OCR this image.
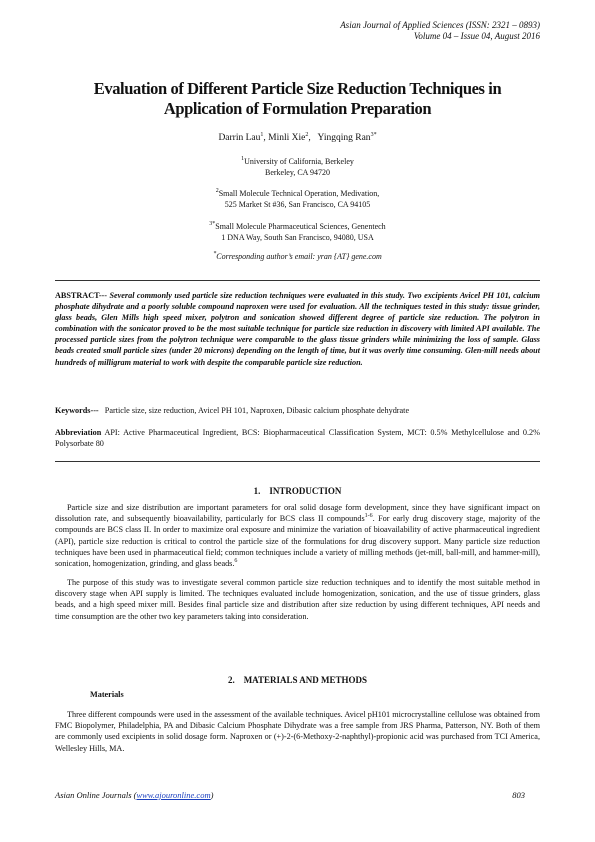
Asian Journal of Applied Sciences (ISSN: 2321 – 0893)
Volume 04 – Issue 04, August 2016
Evaluation of Different Particle Size Reduction Techniques in
Application of Formulation Preparation
Darrin Lau$^1$, Minli Xie$^2$,   Yingqing Ran$^{3*}$
$^1$University of California, Berkeley
Berkeley, CA 94720
$^2$Small Molecule Technical Operation, Medivation,
525 Market St #36, San Francisco, CA 94105
$^{3*}$Small Molecule Pharmaceutical Sciences, Genentech
1 DNA Way, South San Francisco, 94080, USA
*Corresponding author’s email: yran {AT} gene.com
ABSTRACT--- Several commonly used particle size reduction techniques were evaluated in this study. Two excipients Avicel PH 101, calcium phosphate dihydrate and a poorly soluble compound naproxen were used for evaluation. All the techniques tested in this study: tissue grinder, glass beads, Glen Mills high speed mixer, polytron and sonication showed different degree of particle size reduction. The polytron in combination with the sonicator proved to be the most suitable technique for particle size reduction in discovery with limited API available. The processed particle sizes from the polytron technique were comparable to the glass tissue grinders while minimizing the loss of sample. Glass beads created small particle sizes (under 20 microns) depending on the length of time, but it was overly time consuming. Glen-mill needs about hundreds of milligram material to work with despite the comparable particle size reduction.
Keywords--- Particle size, size reduction, Avicel PH 101, Naproxen, Dibasic calcium phosphate dehydrate
Abbreviation API: Active Pharmaceutical Ingredient, BCS: Biopharmaceutical Classification System, MCT: 0.5% Methylcellulose and 0.2% Polysorbate 80
1.    INTRODUCTION
Particle size and size distribution are important parameters for oral solid dosage form development, since they have significant impact on dissolution rate, and subsequently bioavailability, particularly for BCS class II compounds$^{1-6}$. For early drug discovery stage, majority of the compounds are BCS class II. In order to maximize oral exposure and minimize the variation of bioavailability of active pharmaceutical ingredient (API), particle size reduction is critical to control the particle size of the formulations for drug discovery support. Many particle size reduction techniques have been used in pharmaceutical field; common techniques include a variety of milling methods (jet-mill, ball-mill, and hammer-mill), sonication, homogenization, grinding, and glass beads.$^6$
The purpose of this study was to investigate several common particle size reduction techniques and to identify the most suitable method in discovery stage when API supply is limited. The techniques evaluated include homogenization, sonication, and the use of tissue grinders, glass beads, and a high speed mixer mill. Besides final particle size and distribution after size reduction by using different techniques, API needs and time consumption are the other two key parameters taking into consideration.
2.    MATERIALS AND METHODS
Materials
Three different compounds were used in the assessment of the available techniques. Avicel pH101 microcrystalline cellulose was obtained from FMC Biopolymer, Philadelphia, PA and Dibasic Calcium Phosphate Dihydrate was a free sample from JRS Pharma, Patterson, NY. Both of them are commonly used excipients in solid dosage form. Naproxen or (+)-2-(6-Methoxy-2-naphthyl)-propionic acid was purchased from TCI America, Wellesley Hills, MA.
Asian Online Journals (www.ajouronline.com)	803
